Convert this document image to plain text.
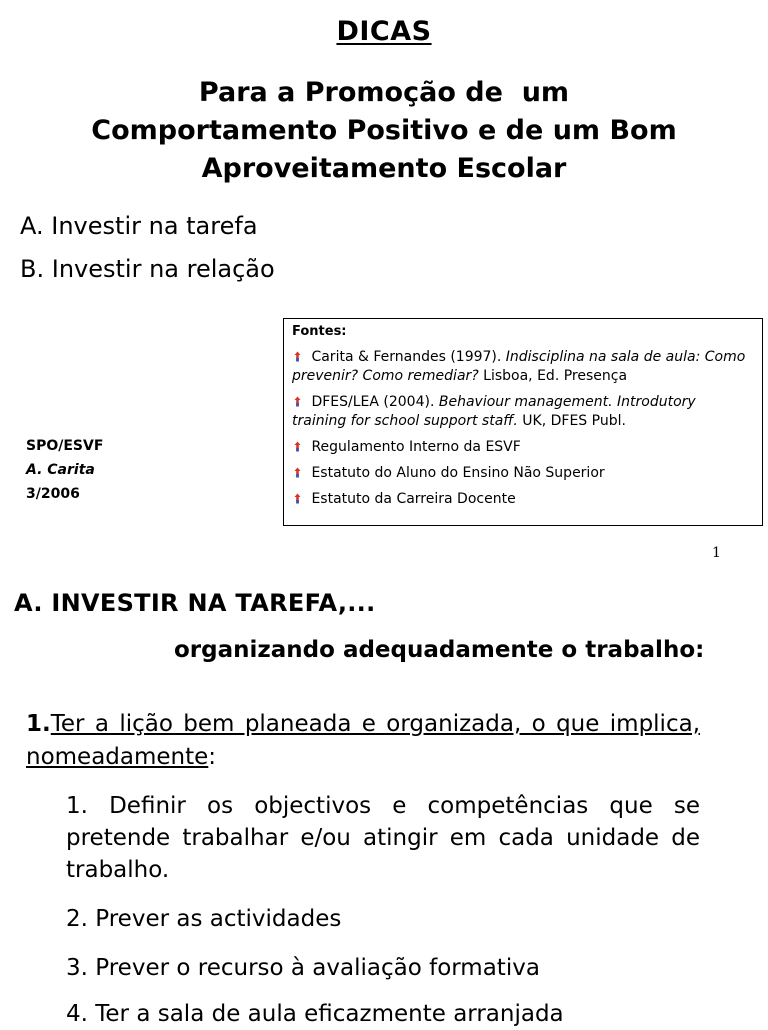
DICAS
Para a Promoção de  um
Comportamento Positivo e de um Bom
Aproveitamento Escolar
A. Investir na tarefa
B. Investir na relação
SPO/ESVF
A. Carita
3/2006
Fontes:
Carita & Fernandes (1997). Indisciplina na sala de aula: Como prevenir? Como remediar? Lisboa, Ed. Presença
DFES/LEA (2004). Behaviour management. Introdutory training for school support staff. UK, DFES Publ.
Regulamento Interno da ESVF
Estatuto do Aluno do Ensino Não Superior
Estatuto da Carreira Docente
1
A. INVESTIR NA TAREFA,...
organizando adequadamente o trabalho:
1.Ter a lição bem planeada e organizada, o que implica, nomeadamente:
1. Definir os objectivos e competências que se pretende trabalhar e/ou atingir em cada unidade de trabalho.
2. Prever as actividades
3. Prever o recurso à avaliação formativa
4. Ter a sala de aula eficazmente arranjada
